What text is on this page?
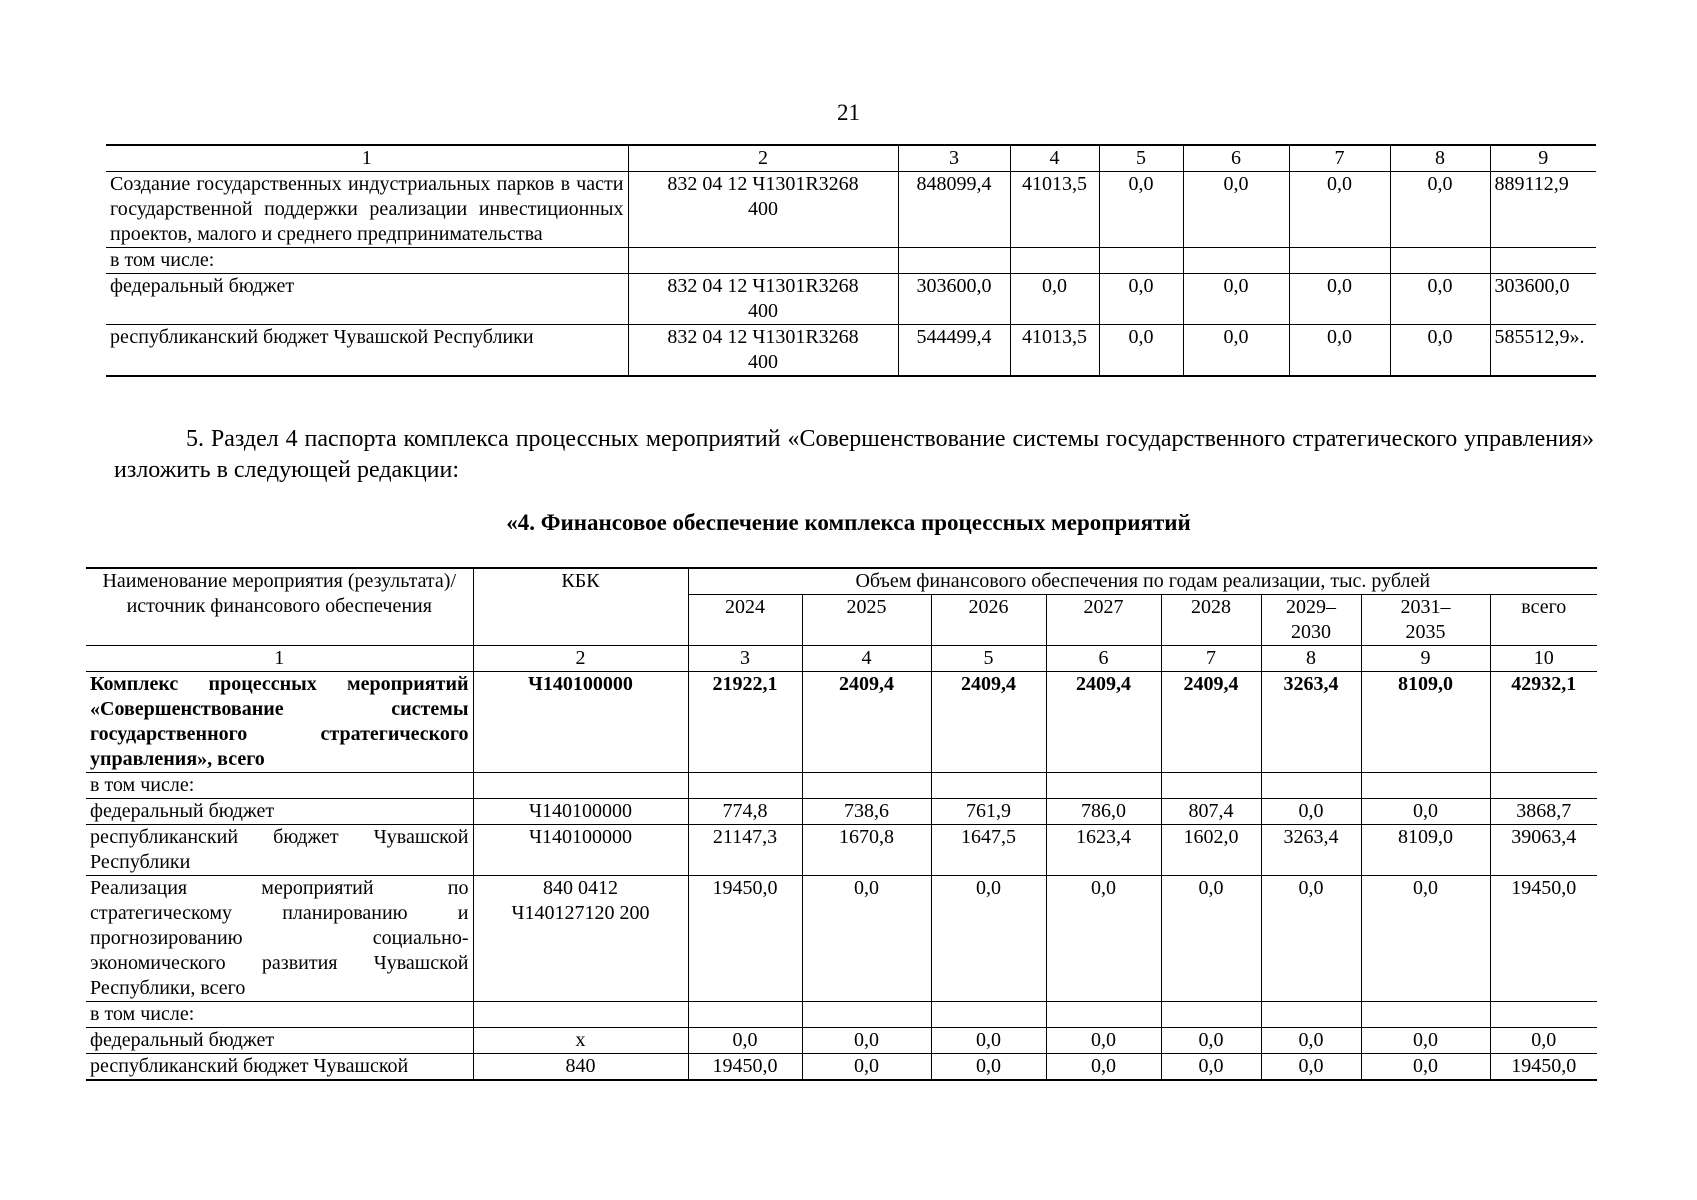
21
1	2	3	4	5	6	7	8	9
Создание государственных индустриальных парков в части государственной поддержки реализации инвестиционных проектов, малого и среднего предпринимательства	832 04 12 Ч1301R3268 400	848099,4	41013,5	0,0	0,0	0,0	0,0	889112,9
в том числе:								
федеральный бюджет	832 04 12 Ч1301R3268 400	303600,0	0,0	0,0	0,0	0,0	0,0	303600,0
республиканский бюджет Чувашской Республики	832 04 12 Ч1301R3268 400	544499,4	41013,5	0,0	0,0	0,0	0,0	585512,9».
5. Раздел 4 паспорта комплекса процессных мероприятий «Совершенствование системы государственного стратегического управления» изложить в следующей редакции:
«4. Финансовое обеспечение комплекса процессных мероприятий
Наименование мероприятия (результата)/источник финансового обеспечения	КБК	Объем финансового обеспечения по годам реализации, тыс. рублей							
		2024	2025	2026	2027	2028	2029–2030	2031–2035	всего
1	2	3	4	5	6	7	8	9	10
Комплекс процессных мероприятий «Совершенствование системы государственного стратегического управления», всего	Ч140100000	21922,1	2409,4	2409,4	2409,4	2409,4	3263,4	8109,0	42932,1
в том числе:									
федеральный бюджет	Ч140100000	774,8	738,6	761,9	786,0	807,4	0,0	0,0	3868,7
республиканский бюджет Чувашской Республики	Ч140100000	21147,3	1670,8	1647,5	1623,4	1602,0	3263,4	8109,0	39063,4
Реализация мероприятий по стратегическому планированию и прогнозированию социально-экономического развития Чувашской Республики, всего	840 0412 Ч140127120 200	19450,0	0,0	0,0	0,0	0,0	0,0	0,0	19450,0
в том числе:									
федеральный бюджет	х	0,0	0,0	0,0	0,0	0,0	0,0	0,0	0,0
республиканский бюджет Чувашской	840	19450,0	0,0	0,0	0,0	0,0	0,0	0,0	19450,0
